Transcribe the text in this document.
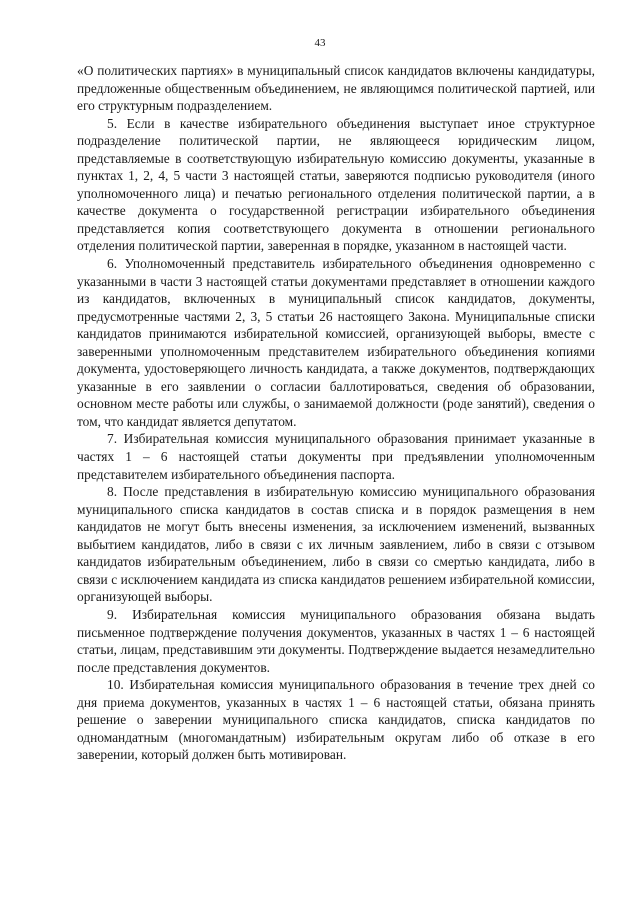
43

«О политических партиях» в муниципальный список кандидатов включены кандидатуры, предложенные общественным объединением, не являющимся политической партией, или его структурным подразделением.

5. Если в качестве избирательного объединения выступает иное структурное подразделение политической партии, не являющееся юридическим лицом, представляемые в соответствующую избирательную комиссию документы, указанные в пунктах 1, 2, 4, 5 части 3 настоящей статьи, заверяются подписью руководителя (иного уполномоченного лица) и печатью регионального отделения политической партии, а в качестве документа о государственной регистрации избирательного объединения представляется копия соответствующего документа в отношении регионального отделения политической партии, заверенная в порядке, указанном в настоящей части.

6. Уполномоченный представитель избирательного объединения одновременно с указанными в части 3 настоящей статьи документами представляет в отношении каждого из кандидатов, включенных в муниципальный список кандидатов, документы, предусмотренные частями 2, 3, 5 статьи 26 настоящего Закона. Муниципальные списки кандидатов принимаются избирательной комиссией, организующей выборы, вместе с заверенными уполномоченным представителем избирательного объединения копиями документа, удостоверяющего личность кандидата, а также документов, подтверждающих указанные в его заявлении о согласии баллотироваться, сведения об образовании, основном месте работы или службы, о занимаемой должности (роде занятий), сведения о том, что кандидат является депутатом.

7. Избирательная комиссия муниципального образования принимает указанные в частях 1 – 6 настоящей статьи документы при предъявлении уполномоченным представителем избирательного объединения паспорта.

8. После представления в избирательную комиссию муниципального образования муниципального списка кандидатов в состав списка и в порядок размещения в нем кандидатов не могут быть внесены изменения, за исключением изменений, вызванных выбытием кандидатов, либо в связи с их личным заявлением, либо в связи с отзывом кандидатов избирательным объединением, либо в связи со смертью кандидата, либо в связи с исключением кандидата из списка кандидатов решением избирательной комиссии, организующей выборы.

9. Избирательная комиссия муниципального образования обязана выдать письменное подтверждение получения документов, указанных в частях 1 – 6 настоящей статьи, лицам, представившим эти документы. Подтверждение выдается незамедлительно после представления документов.

10. Избирательная комиссия муниципального образования в течение трех дней со дня приема документов, указанных в частях 1 – 6 настоящей статьи, обязана принять решение о заверении муниципального списка кандидатов, списка кандидатов по одномандатным (многомандатным) избирательным округам либо об отказе в его заверении, который должен быть мотивирован.
